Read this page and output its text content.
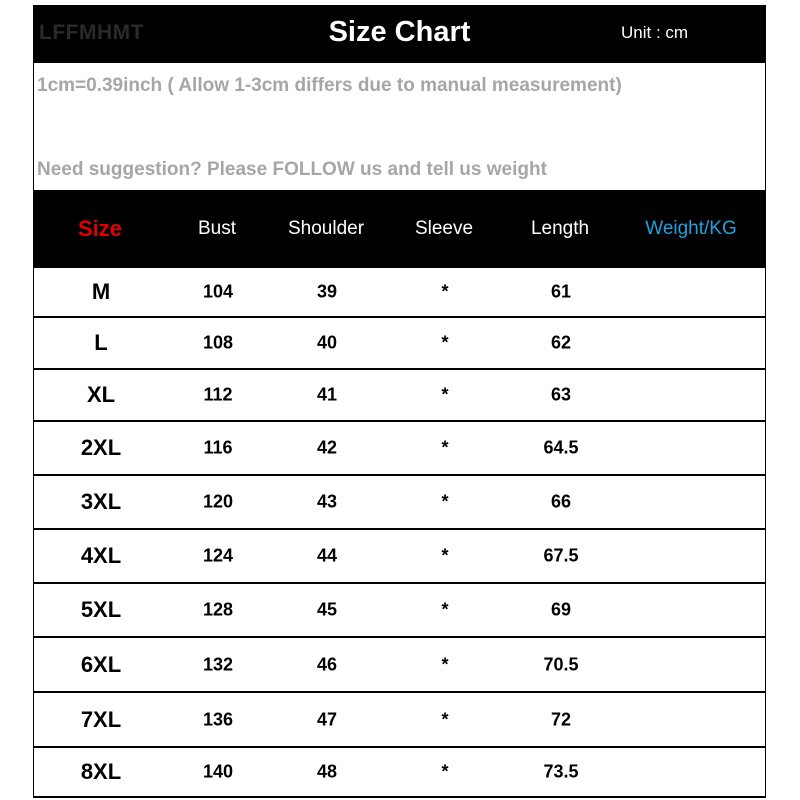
LFFMHMT	Size Chart	Unit : cm
1cm=0.39inch ( Allow 1-3cm differs due to manual measurement)
Need suggestion? Please FOLLOW us and tell us weight
Size	Bust	Shoulder	Sleeve	Length	Weight/KG
M	104	39	*	61
L	108	40	*	62
XL	112	41	*	63
2XL	116	42	*	64.5
3XL	120	43	*	66
4XL	124	44	*	67.5
5XL	128	45	*	69
6XL	132	46	*	70.5
7XL	136	47	*	72
8XL	140	48	*	73.5
